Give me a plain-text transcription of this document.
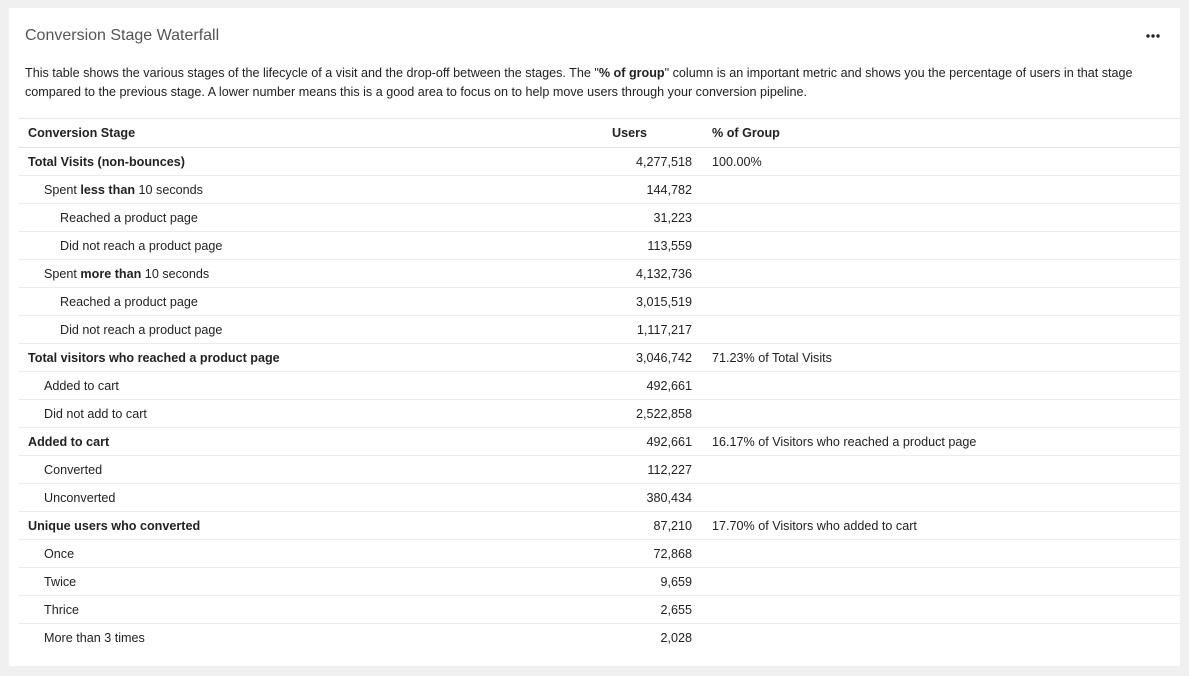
Conversion Stage Waterfall
This table shows the various stages of the lifecycle of a visit and the drop-off between the stages. The "% of group" column is an important metric and shows you the percentage of users in that stage compared to the previous stage. A lower number means this is a good area to focus on to help move users through your conversion pipeline.
Conversion Stage	Users	% of Group
Total Visits (non-bounces)	4,277,518	100.00%
Spent less than 10 seconds	144,782	
Reached a product page	31,223	
Did not reach a product page	113,559	
Spent more than 10 seconds	4,132,736	
Reached a product page	3,015,519	
Did not reach a product page	1,117,217	
Total visitors who reached a product page	3,046,742	71.23% of Total Visits
Added to cart	492,661	
Did not add to cart	2,522,858	
Added to cart	492,661	16.17% of Visitors who reached a product page
Converted	112,227	
Unconverted	380,434	
Unique users who converted	87,210	17.70% of Visitors who added to cart
Once	72,868	
Twice	9,659	
Thrice	2,655	
More than 3 times	2,028	
